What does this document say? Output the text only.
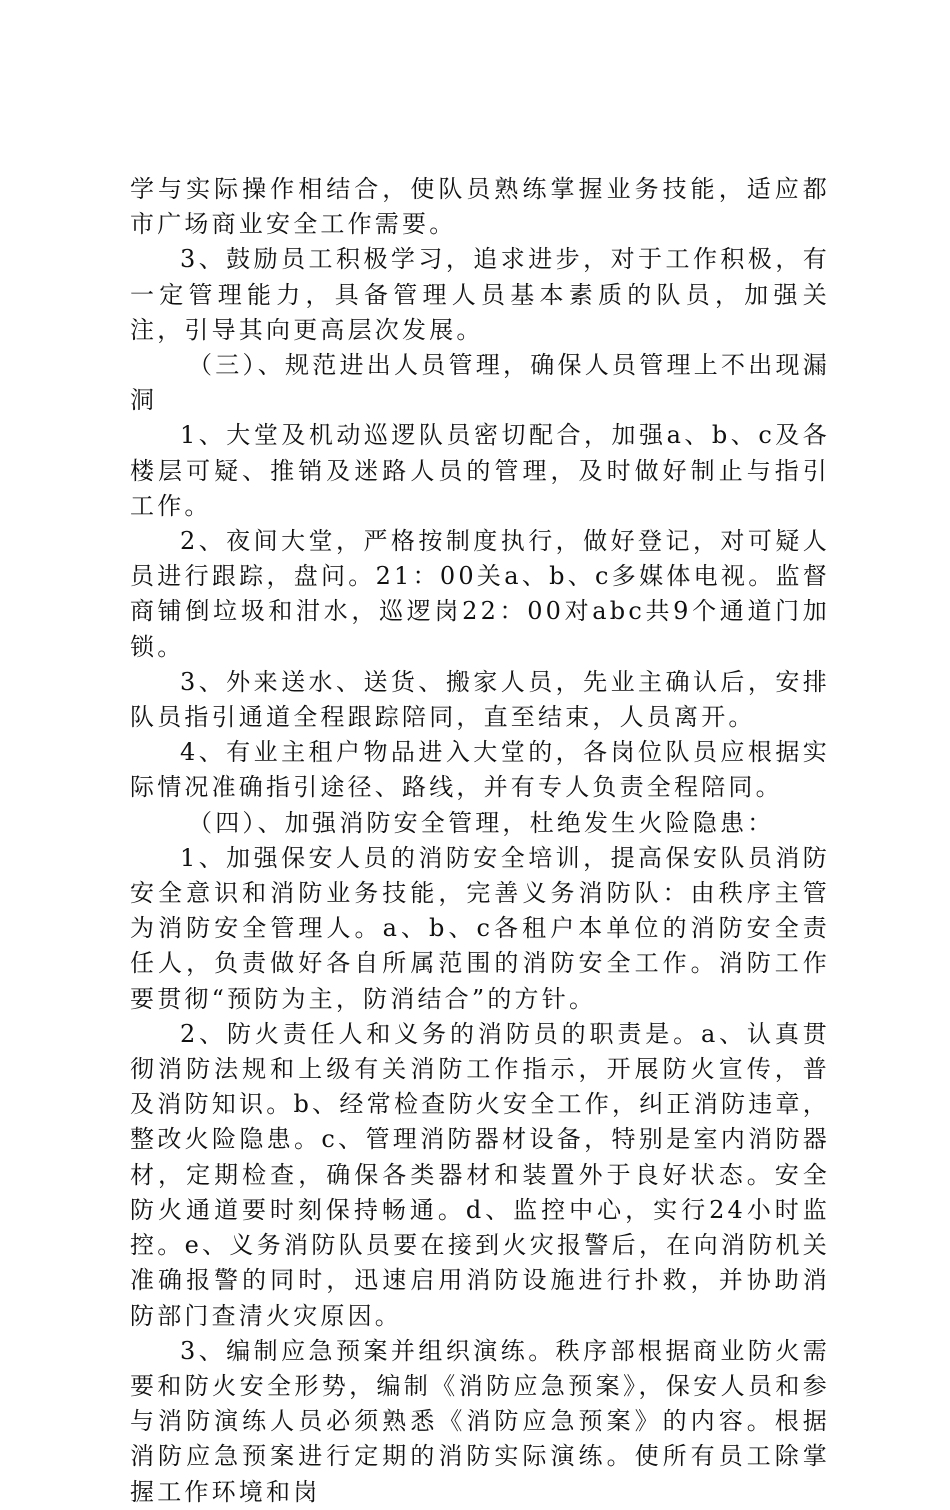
学与实际操作相结合，使队员熟练掌握业务技能，适应都市广场商业安全工作需要。

3、鼓励员工积极学习，追求进步，对于工作积极，有一定管理能力，具备管理人员基本素质的队员，加强关注，引导其向更高层次发展。

（三）、规范进出人员管理，确保人员管理上不出现漏洞

1、大堂及机动巡逻队员密切配合，加强a、b、c及各楼层可疑、推销及迷路人员的管理，及时做好制止与指引工作。

2、夜间大堂，严格按制度执行，做好登记，对可疑人员进行跟踪，盘问。21：00关a、b、c多媒体电视。监督商铺倒垃圾和泔水，巡逻岗22：00对abc共9个通道门加锁。

3、外来送水、送货、搬家人员，先业主确认后，安排队员指引通道全程跟踪陪同，直至结束，人员离开。

4、有业主租户物品进入大堂的，各岗位队员应根据实际情况准确指引途径、路线，并有专人负责全程陪同。

（四）、加强消防安全管理，杜绝发生火险隐患：

1、加强保安人员的消防安全培训，提高保安队员消防安全意识和消防业务技能，完善义务消防队：由秩序主管为消防安全管理人。a、b、c各租户本单位的消防安全责任人，负责做好各自所属范围的消防安全工作。消防工作要贯彻“预防为主，防消结合”的方针。

2、防火责任人和义务的消防员的职责是。a、认真贯彻消防法规和上级有关消防工作指示，开展防火宣传，普及消防知识。b、经常检查防火安全工作，纠正消防违章，整改火险隐患。c、管理消防器材设备，特别是室内消防器材，定期检查，确保各类器材和装置外于良好状态。安全防火通道要时刻保持畅通。d、监控中心，实行24小时监控。e、义务消防队员要在接到火灾报警后，在向消防机关准确报警的同时，迅速启用消防设施进行扑救，并协助消防部门查清火灾原因。

3、编制应急预案并组织演练。秩序部根据商业防火需要和防火安全形势，编制《消防应急预案》，保安人员和参与消防演练人员必须熟悉《消防应急预案》的内容。根据消防应急预案进行定期的消防实际演练。使所有员工除掌握工作环境和岗
